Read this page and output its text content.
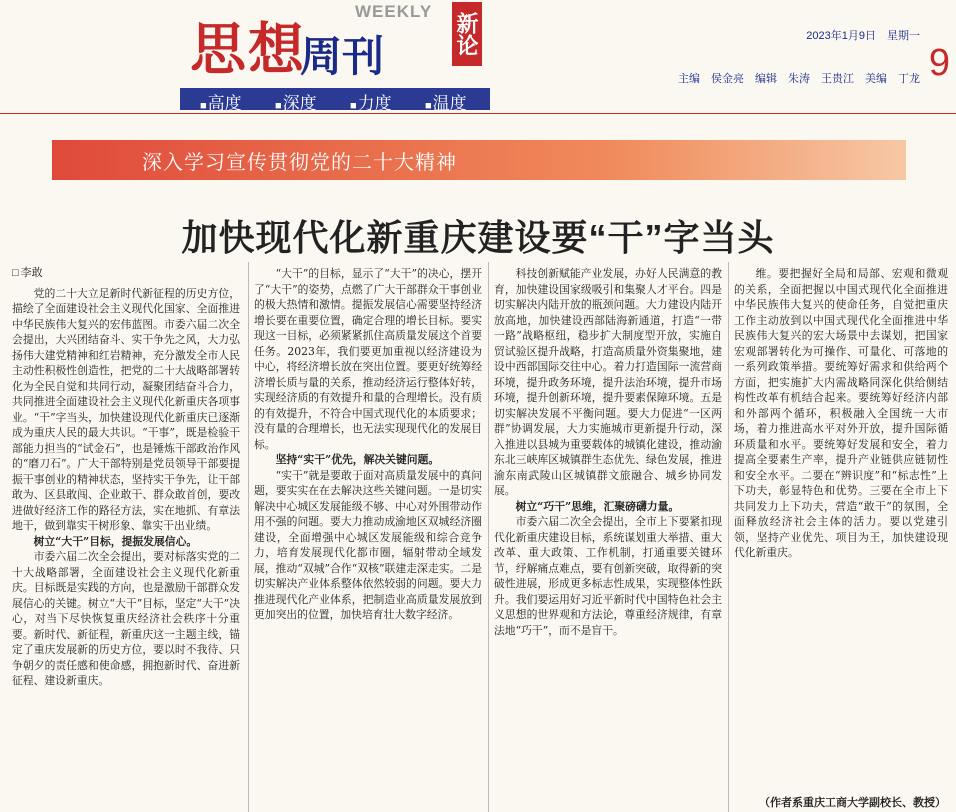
思想
WEEKLY
周刊	新论
■ 高度	■ 深度	■ 力度	■ 温度
2023年1月9日　星期一
主编　侯金亮　编辑　朱涛　王贵江　美编　丁龙 9
深入学习宣传贯彻党的二十大精神
加快现代化新重庆建设要“干”字当头
□ 李敢

党的二十大立足新时代新征程的历史方位，描绘了全面建设社会主义现代化国家、全面推进中华民族伟大复兴的宏伟蓝图。市委六届二次全会提出，大兴团结奋斗、实干争先之风，大力弘扬伟大建党精神和红岩精神，充分激发全市人民主动性积极性创造性，把党的二十大战略部署转化为全民自觉和共同行动，凝聚团结奋斗合力，共同推进全面建设社会主义现代化新重庆各项事业。“干”字当头，加快建设现代化新重庆已逐渐成为重庆人民的最大共识。“干事”，既是检验干部能力担当的“试金石”，也是锤炼干部政治作风的“磨刀石”。广大干部特别是党员领导干部要提振干事创业的精神状态，坚持实干争先，让干部敢为、区县敢闯、企业敢干、群众敢首创，要改进做好经济工作的路径方法，实在地抓、有章法地干，做到靠实干树形象、靠实干出业绩。

树立“大干”目标，提振发展信心。

市委六届二次全会提出，要对标落实党的二十大战略部署，全面建设社会主义现代化新重庆。目标既是实践的方向，也是激励干部群众发展信心的关键。树立“大干”目标，坚定“大干”决心，对当下尽快恢复重庆经济社会秩序十分重要。新时代、新征程，新重庆这一主题主线，锚定了重庆发展新的历史方位，要以时不我待、只争朝夕的责任感和使命感，拥抱新时代、奋进新征程、建设新重庆。

“大干”的目标，显示了“大干”的决心，摆开了“大干”的姿势，点燃了广大干部群众干事创业的极大热情和激情。提振发展信心需要坚持经济增长要在重要位置，确定合理的增长目标。要实现这一目标，必须紧紧抓住高质量发展这个首要任务。2023年，我们要更加重视以经济建设为中心，将经济增长放在突出位置。要更好统筹经济增长质与量的关系，推动经济运行整体好转，实现经济质的有效提升和量的合理增长。没有质的有效提升，不符合中国式现代化的本质要求；没有量的合理增长，也无法实现现代化的发展目标。

坚持“实干”优先，解决关键问题。

“实干”就是要敢于面对高质量发展中的真问题，要实实在在去解决这些关键问题。一是切实解决中心城区发展能级不够、中心对外围带动作用不强的问题。要大力推动成渝地区双城经济圈建设，全面增强中心城区发展能级和综合竞争力，培育发展现代化都市圈，辐射带动全域发展，推动“双城”合作“双核”联建走深走实。二是切实解决产业体系整体依然较弱的问题。要大力推进现代化产业体系，把制造业高质量发展放到更加突出的位置，加快培育壮大数字经济。

科技创新赋能产业发展，办好人民满意的教育，加快建设国家级吸引和集聚人才平台。四是切实解决内陆开放的瓶颈问题。大力建设内陆开放高地，加快建设西部陆海新通道，打造“一带一路”战略枢纽，稳步扩大制度型开放，实施自贸试验区提升战略，打造高质量外资集聚地，建设中西部国际交往中心。着力打造国际一流营商环境，提升政务环境，提升法治环境，提升市场环境，提升创新环境，提升要素保障环境。五是切实解决发展不平衡问题。要大力促进“一区两群”协调发展，大力实施城市更新提升行动，深入推进以县城为重要载体的城镇化建设，推动渝东北三峡库区城镇群生态优先、绿色发展，推进渝东南武陵山区城镇群文旅融合、城乡协同发展。

树立“巧干”思维，汇聚磅礴力量。

市委六届二次全会提出，全市上下要紧扣现代化新重庆建设目标，系统谋划重大举措、重大改革、重大政策、工作机制，打通重要关键环节，纾解痛点难点，要有创新突破，取得新的突破性进展，形成更多标志性成果，实现整体性跃升。我们要运用好习近平新时代中国特色社会主义思想的世界观和方法论，尊重经济规律，有章法地“巧干”，而不是盲干。

维。要把握好全局和局部、宏观和微观的关系，全面把握以中国式现代化全面推进中华民族伟大复兴的使命任务，自觉把重庆工作主动放到以中国式现代化全面推进中华民族伟大复兴的宏大场景中去谋划，把国家宏观部署转化为可操作、可量化、可落地的一系列政策举措。要统筹好需求和供给两个方面，把实施扩大内需战略同深化供给侧结构性改革有机结合起来。要统筹好经济内部和外部两个循环，积极融入全国统一大市场，着力推进高水平对外开放，提升国际循环质量和水平。要统筹好发展和安全，着力提高全要素生产率，提升产业链供应链韧性和安全水平。二要在“辨识度”和“标志性”上下功夫，彰显特色和优势。三要在全市上下共同发力上下功夫，营造“敢干”的氛围，全面释放经济社会主体的活力。要以党建引领，坚持产业优先、项目为王，加快建设现代化新重庆。

（作者系重庆工商大学副校长、教授）
